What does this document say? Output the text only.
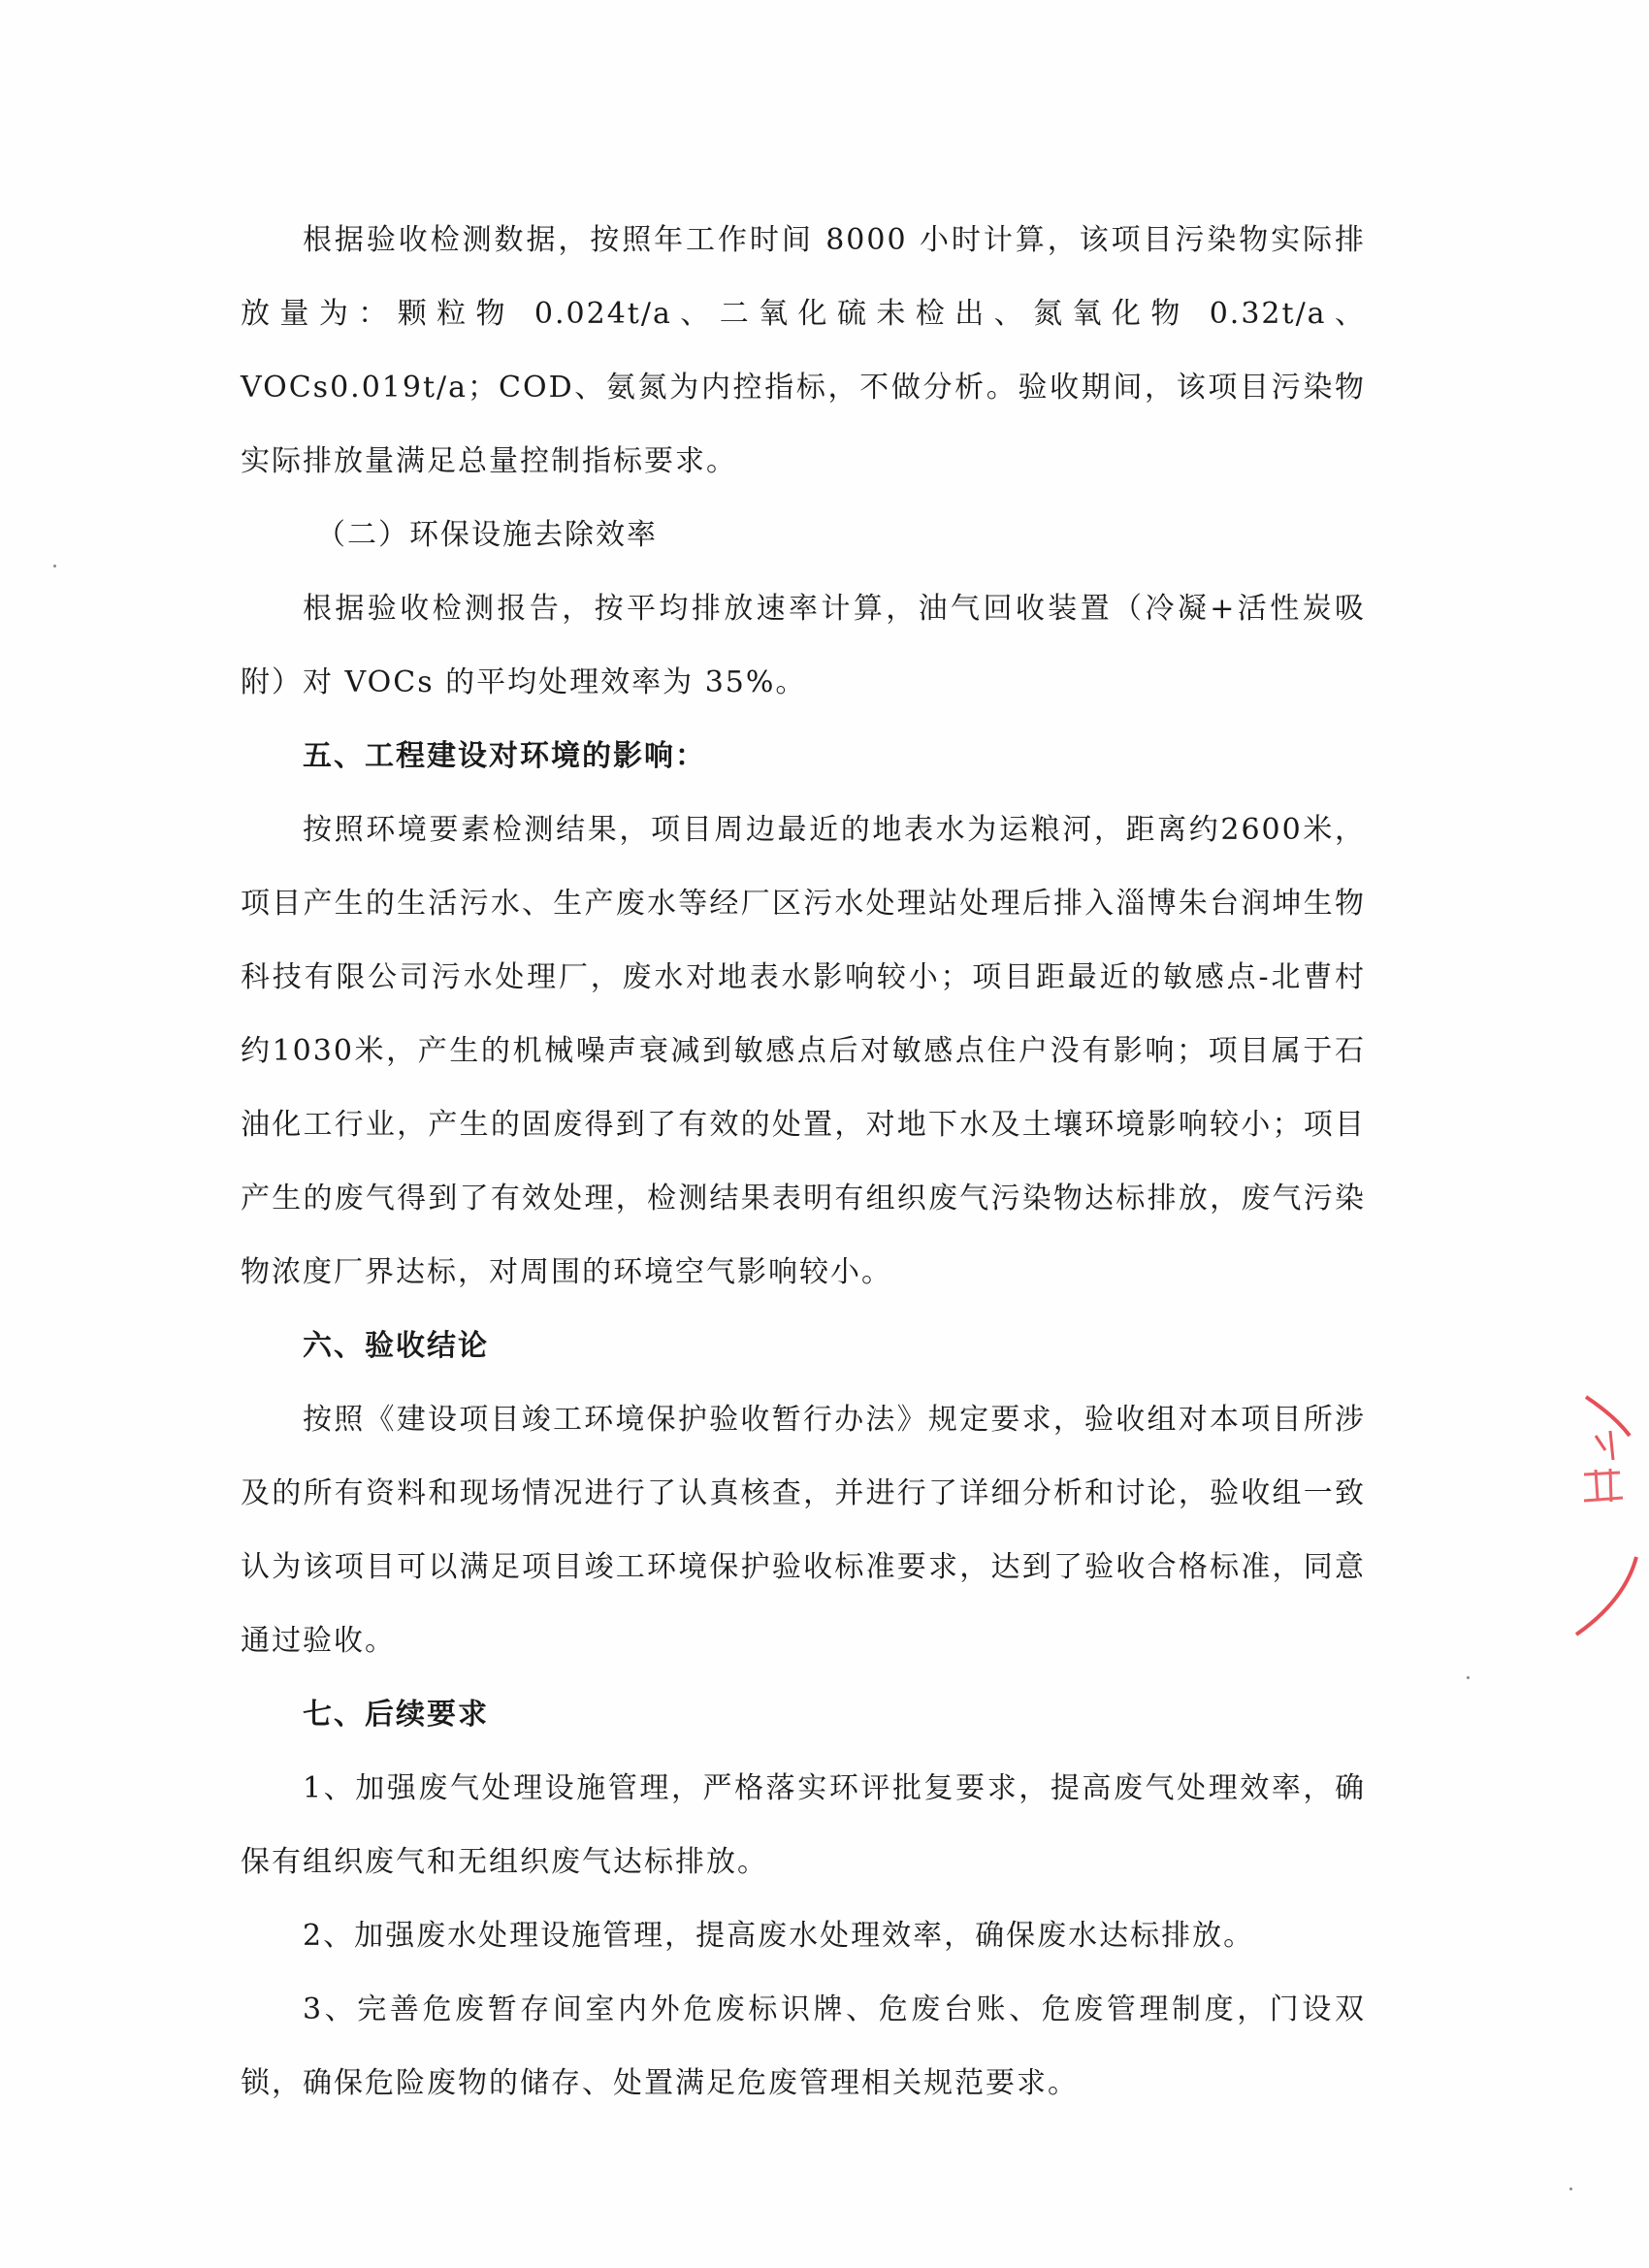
根据验收检测数据，按照年工作时间 8000 小时计算，该项目污染物实际排放量为：颗粒物 0.024t/a、二氧化硫未检出、氮氧化物 0.32t/a、VOCs0.019t/a；COD、氨氮为内控指标，不做分析。验收期间，该项目污染物实际排放量满足总量控制指标要求。

（二）环保设施去除效率

根据验收检测报告，按平均排放速率计算，油气回收装置（冷凝+活性炭吸附）对 VOCs 的平均处理效率为 35%。

五、工程建设对环境的影响：

按照环境要素检测结果，项目周边最近的地表水为运粮河，距离约2600米，项目产生的生活污水、生产废水等经厂区污水处理站处理后排入淄博朱台润坤生物科技有限公司污水处理厂，废水对地表水影响较小；项目距最近的敏感点-北曹村约1030米，产生的机械噪声衰减到敏感点后对敏感点住户没有影响；项目属于石油化工行业，产生的固废得到了有效的处置，对地下水及土壤环境影响较小；项目产生的废气得到了有效处理，检测结果表明有组织废气污染物达标排放，废气污染物浓度厂界达标，对周围的环境空气影响较小。

六、验收结论

按照《建设项目竣工环境保护验收暂行办法》规定要求，验收组对本项目所涉及的所有资料和现场情况进行了认真核查，并进行了详细分析和讨论，验收组一致认为该项目可以满足项目竣工环境保护验收标准要求，达到了验收合格标准，同意通过验收。

七、后续要求

1、加强废气处理设施管理，严格落实环评批复要求，提高废气处理效率，确保有组织废气和无组织废气达标排放。

2、加强废水处理设施管理，提高废水处理效率，确保废水达标排放。

3、完善危废暂存间室内外危废标识牌、危废台账、危废管理制度，门设双锁，确保危险废物的储存、处置满足危废管理相关规范要求。
